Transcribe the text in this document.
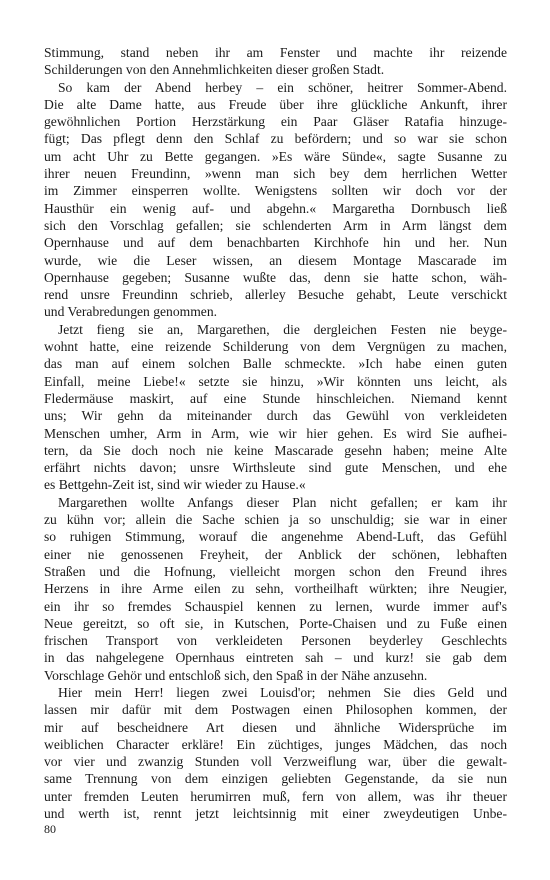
Stimmung, stand neben ihr am Fenster und machte ihr reizende
Schilderungen von den Annehmlichkeiten dieser großen Stadt.
So kam der Abend herbey – ein schöner, heitrer Sommer-Abend.
Die alte Dame hatte, aus Freude über ihre glückliche Ankunft, ihrer
gewöhnlichen Portion Herzstärkung ein Paar Gläser Ratafia hinzuge-
fügt; Das pflegt denn den Schlaf zu befördern; und so war sie schon
um acht Uhr zu Bette gegangen. »Es wäre Sünde«, sagte Susanne zu
ihrer neuen Freundinn, »wenn man sich bey dem herrlichen Wetter
im Zimmer einsperren wollte. Wenigstens sollten wir doch vor der
Hausthür ein wenig auf- und abgehn.« Margaretha Dornbusch ließ
sich den Vorschlag gefallen; sie schlenderten Arm in Arm längst dem
Opernhause und auf dem benachbarten Kirchhofe hin und her. Nun
wurde, wie die Leser wissen, an diesem Montage Mascarade im
Opernhause gegeben; Susanne wußte das, denn sie hatte schon, wäh-
rend unsre Freundinn schrieb, allerley Besuche gehabt, Leute verschickt
und Verabredungen genommen.
Jetzt fieng sie an, Margarethen, die dergleichen Festen nie beyge-
wohnt hatte, eine reizende Schilderung von dem Vergnügen zu machen,
das man auf einem solchen Balle schmeckte. »Ich habe einen guten
Einfall, meine Liebe!« setzte sie hinzu, »Wir könnten uns leicht, als
Fledermäuse maskirt, auf eine Stunde hinschleichen. Niemand kennt
uns; Wir gehn da miteinander durch das Gewühl von verkleideten
Menschen umher, Arm in Arm, wie wir hier gehen. Es wird Sie aufhei-
tern, da Sie doch noch nie keine Mascarade gesehn haben; meine Alte
erfährt nichts davon; unsre Wirthsleute sind gute Menschen, und ehe
es Bettgehn-Zeit ist, sind wir wieder zu Hause.«
Margarethen wollte Anfangs dieser Plan nicht gefallen; er kam ihr
zu kühn vor; allein die Sache schien ja so unschuldig; sie war in einer
so ruhigen Stimmung, worauf die angenehme Abend-Luft, das Gefühl
einer nie genossenen Freyheit, der Anblick der schönen, lebhaften
Straßen und die Hofnung, vielleicht morgen schon den Freund ihres
Herzens in ihre Arme eilen zu sehn, vortheilhaft würkten; ihre Neugier,
ein ihr so fremdes Schauspiel kennen zu lernen, wurde immer auf's
Neue gereitzt, so oft sie, in Kutschen, Porte-Chaisen und zu Fuße einen
frischen Transport von verkleideten Personen beyderley Geschlechts
in das nahgelegene Opernhaus eintreten sah – und kurz! sie gab dem
Vorschlage Gehör und entschloß sich, den Spaß in der Nähe anzusehn.
Hier mein Herr! liegen zwei Louisd'or; nehmen Sie dies Geld und
lassen mir dafür mit dem Postwagen einen Philosophen kommen, der
mir auf bescheidnere Art diesen und ähnliche Widersprüche im
weiblichen Character erkläre! Ein züchtiges, junges Mädchen, das noch
vor vier und zwanzig Stunden voll Verzweiflung war, über die gewalt-
same Trennung von dem einzigen geliebten Gegenstande, da sie nun
unter fremden Leuten herumirren muß, fern von allem, was ihr theuer
und werth ist, rennt jetzt leichtsinnig mit einer zweydeutigen Unbe-
80
